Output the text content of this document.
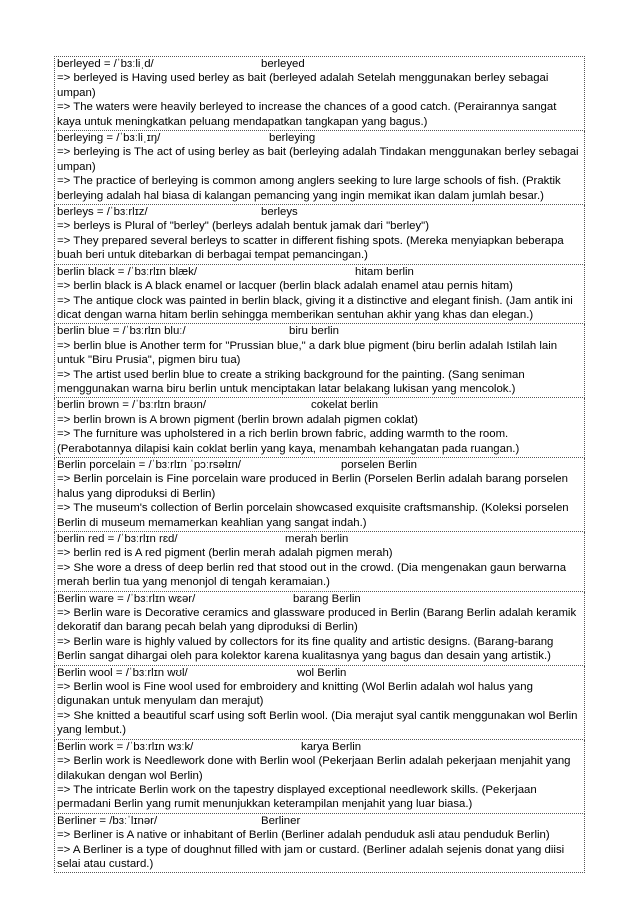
berleyed = /ˈbɜːliˌd/	berleyed
=> berleyed is Having used berley as bait (berleyed adalah Setelah menggunakan berley sebagai umpan)
=> The waters were heavily berleyed to increase the chances of a good catch. (Perairannya sangat kaya untuk meningkatkan peluang mendapatkan tangkapan yang bagus.)
berleying = /ˈbɜːliˌɪŋ/	berleying
=> berleying is The act of using berley as bait (berleying adalah Tindakan menggunakan berley sebagai umpan)
=> The practice of berleying is common among anglers seeking to lure large schools of fish. (Praktik berleying adalah hal biasa di kalangan pemancing yang ingin memikat ikan dalam jumlah besar.)
berleys = /ˈbɜːrlɪz/	berleys
=> berleys is Plural of "berley" (berleys adalah bentuk jamak dari "berley")
=> They prepared several berleys to scatter in different fishing spots. (Mereka menyiapkan beberapa buah beri untuk ditebarkan di berbagai tempat pemancingan.)
berlin black = /ˈbɜːrlɪn blæk/	hitam berlin
=> berlin black is A black enamel or lacquer (berlin black adalah enamel atau pernis hitam)
=> The antique clock was painted in berlin black, giving it a distinctive and elegant finish. (Jam antik ini dicat dengan warna hitam berlin sehingga memberikan sentuhan akhir yang khas dan elegan.)
berlin blue = /ˈbɜːrlɪn bluː/	biru berlin
=> berlin blue is Another term for "Prussian blue," a dark blue pigment (biru berlin adalah Istilah lain untuk "Biru Prusia", pigmen biru tua)
=> The artist used berlin blue to create a striking background for the painting. (Sang seniman menggunakan warna biru berlin untuk menciptakan latar belakang lukisan yang mencolok.)
berlin brown = /ˈbɜːrlɪn braʊn/	cokelat berlin
=> berlin brown is A brown pigment (berlin brown adalah pigmen coklat)
=> The furniture was upholstered in a rich berlin brown fabric, adding warmth to the room. (Perabotannya dilapisi kain coklat berlin yang kaya, menambah kehangatan pada ruangan.)
Berlin porcelain = /ˈbɜːrlɪn ˈpɔːrsəlɪn/	porselen Berlin
=> Berlin porcelain is Fine porcelain ware produced in Berlin (Porselen Berlin adalah barang porselen halus yang diproduksi di Berlin)
=> The museum's collection of Berlin porcelain showcased exquisite craftsmanship. (Koleksi porselen Berlin di museum memamerkan keahlian yang sangat indah.)
berlin red = /ˈbɜːrlɪn rɛd/	merah berlin
=> berlin red is A red pigment (berlin merah adalah pigmen merah)
=> She wore a dress of deep berlin red that stood out in the crowd. (Dia mengenakan gaun berwarna merah berlin tua yang menonjol di tengah keramaian.)
Berlin ware = /ˈbɜːrlɪn wɛər/	barang Berlin
=> Berlin ware is Decorative ceramics and glassware produced in Berlin (Barang Berlin adalah keramik dekoratif dan barang pecah belah yang diproduksi di Berlin)
=> Berlin ware is highly valued by collectors for its fine quality and artistic designs. (Barang-barang Berlin sangat dihargai oleh para kolektor karena kualitasnya yang bagus dan desain yang artistik.)
Berlin wool = /ˈbɜːrlɪn wʊl/	wol Berlin
=> Berlin wool is Fine wool used for embroidery and knitting (Wol Berlin adalah wol halus yang digunakan untuk menyulam dan merajut)
=> She knitted a beautiful scarf using soft Berlin wool. (Dia merajut syal cantik menggunakan wol Berlin yang lembut.)
Berlin work = /ˈbɜːrlɪn wɜːk/	karya Berlin
=> Berlin work is Needlework done with Berlin wool (Pekerjaan Berlin adalah pekerjaan menjahit yang dilakukan dengan wol Berlin)
=> The intricate Berlin work on the tapestry displayed exceptional needlework skills. (Pekerjaan permadani Berlin yang rumit menunjukkan keterampilan menjahit yang luar biasa.)
Berliner = /bɜːˈlɪnər/	Berliner
=> Berliner is A native or inhabitant of Berlin (Berliner adalah penduduk asli atau penduduk Berlin)
=> A Berliner is a type of doughnut filled with jam or custard. (Berliner adalah sejenis donat yang diisi selai atau custard.)
